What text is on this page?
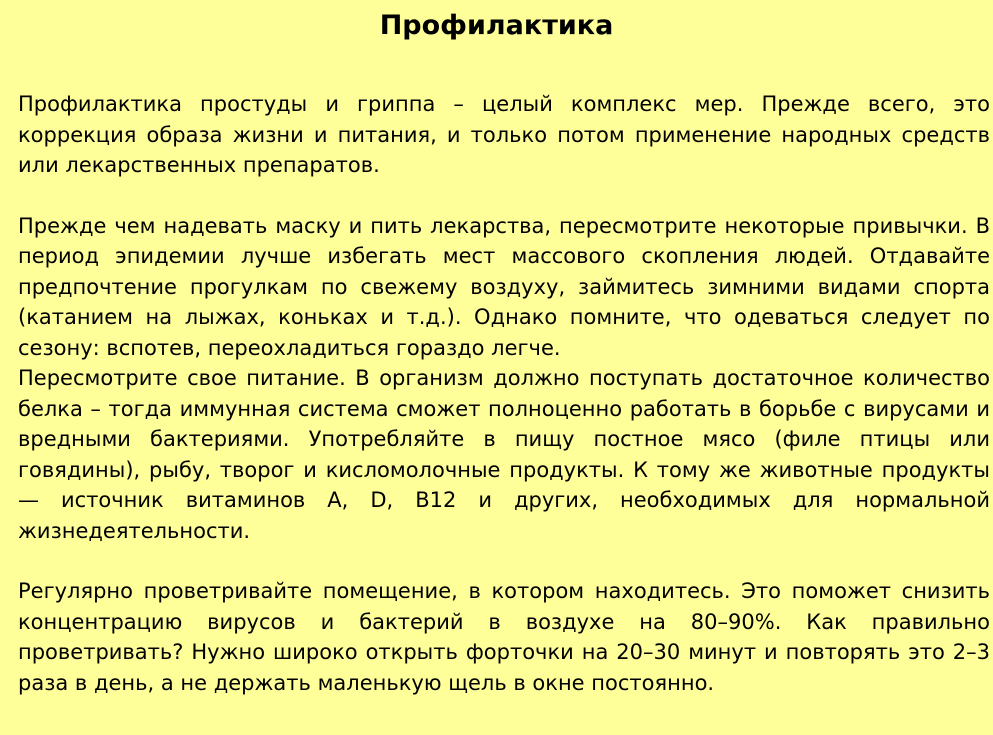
Профилактика

Профилактика простуды и гриппа – целый комплекс мер. Прежде всего, это коррекция образа жизни и питания, и только потом применение народных средств или лекарственных препаратов.

Прежде чем надевать маску и пить лекарства, пересмотрите некоторые привычки. В период эпидемии лучше избегать мест массового скопления людей. Отдавайте предпочтение прогулкам по свежему воздуху, займитесь зимними видами спорта (катанием на лыжах, коньках и т.д.). Однако помните, что одеваться следует по сезону: вспотев, переохладиться гораздо легче.

Пересмотрите свое питание. В организм должно поступать достаточное количество белка – тогда иммунная система сможет полноценно работать в борьбе с вирусами и вредными бактериями. Употребляйте в пищу постное мясо (филе птицы или говядины), рыбу, творог и кисломолочные продукты. К тому же животные продукты — источник витаминов A, D, B12 и других, необходимых для нормальной жизнедеятельности.

Регулярно проветривайте помещение, в котором находитесь. Это поможет снизить концентрацию вирусов и бактерий в воздухе на 80–90%. Как правильно проветривать? Нужно широко открыть форточки на 20–30 минут и повторять это 2–3 раза в день, а не держать маленькую щель в окне постоянно.
